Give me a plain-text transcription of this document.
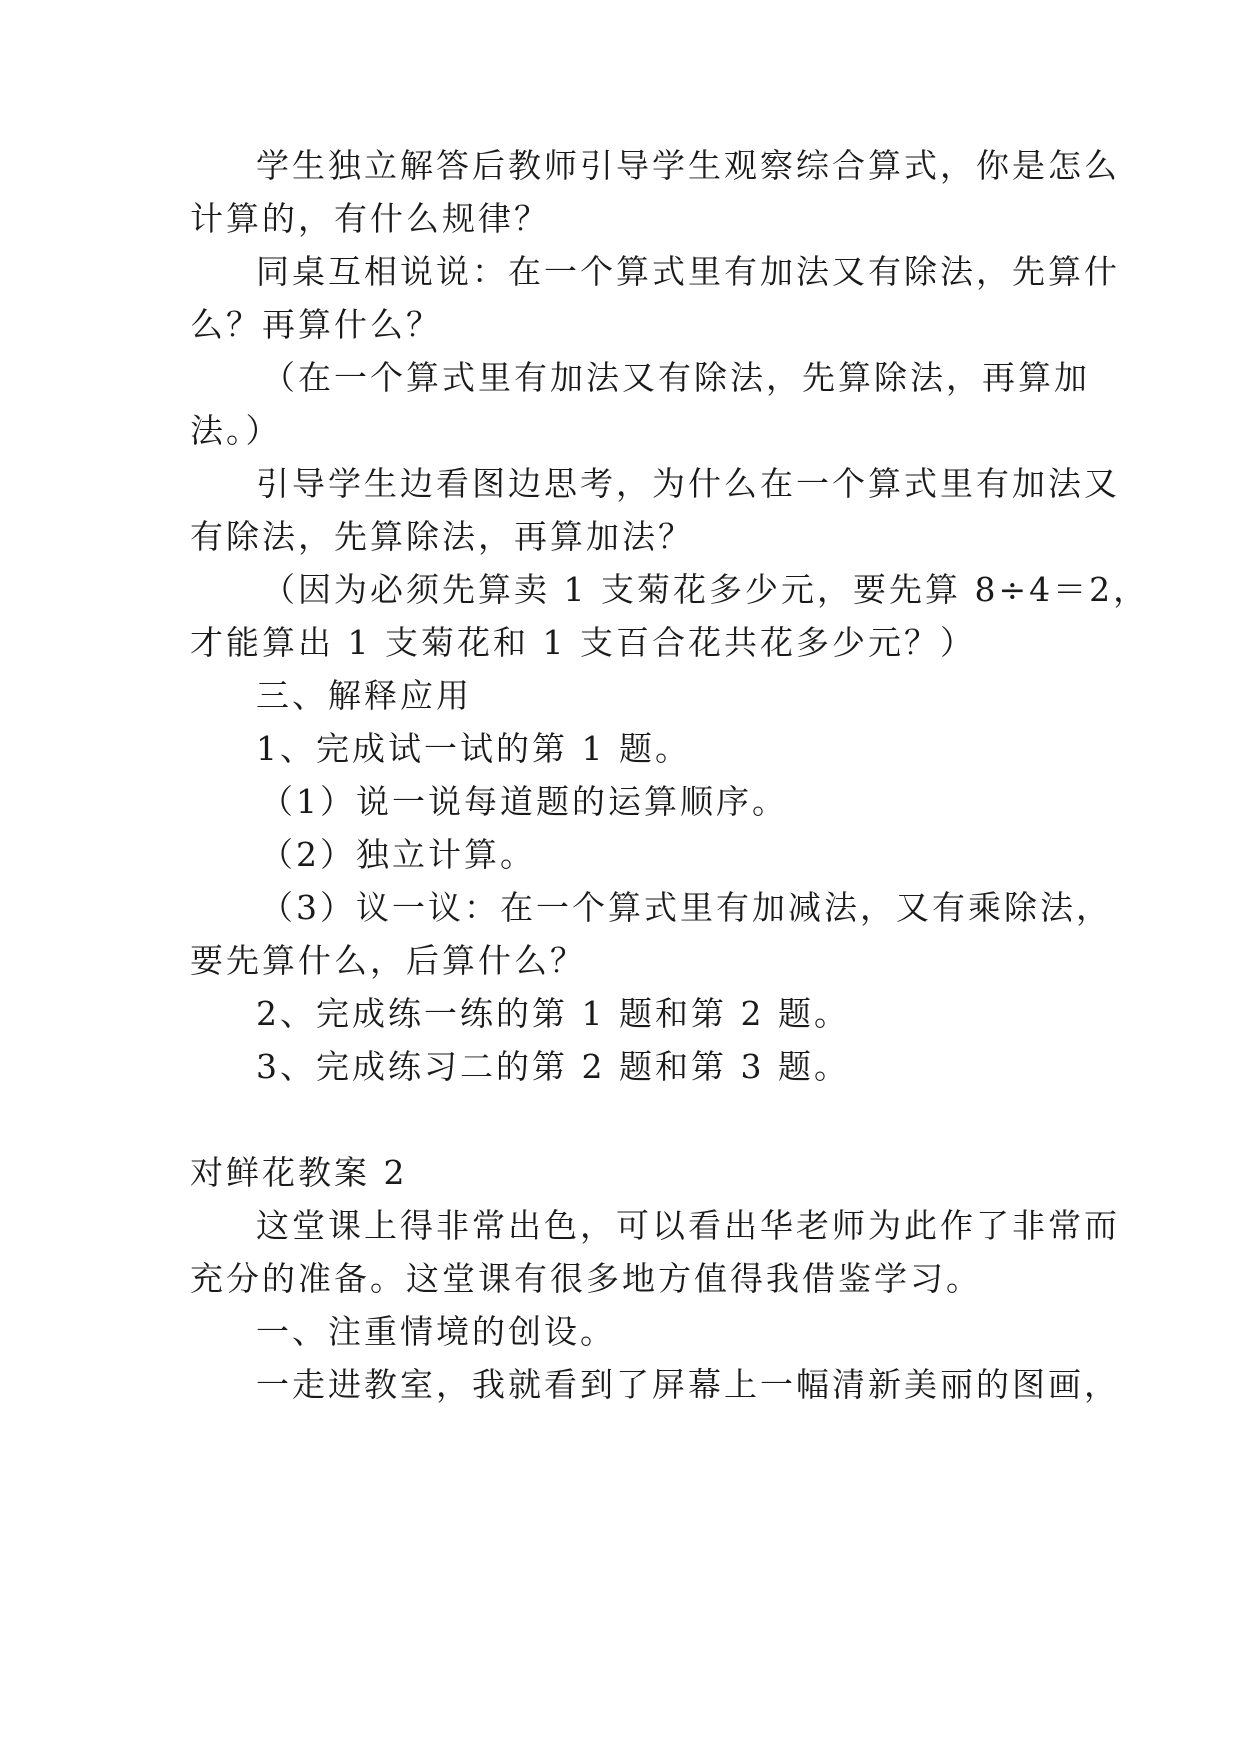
学生独立解答后教师引导学生观察综合算式，你是怎么
计算的，有什么规律？
同桌互相说说：在一个算式里有加法又有除法，先算什
么？再算什么？
（在一个算式里有加法又有除法，先算除法，再算加
法。）
引导学生边看图边思考，为什么在一个算式里有加法又
有除法，先算除法，再算加法？
（因为必须先算卖 1 支菊花多少元，要先算 8÷4＝2，
才能算出 1 支菊花和 1 支百合花共花多少元？）
三、解释应用
1、完成试一试的第 1 题。
（1）说一说每道题的运算顺序。
（2）独立计算。
（3）议一议：在一个算式里有加减法，又有乘除法，
要先算什么，后算什么？
2、完成练一练的第 1 题和第 2 题。
3、完成练习二的第 2 题和第 3 题。
对鲜花教案 2
这堂课上得非常出色，可以看出华老师为此作了非常而
充分的准备。这堂课有很多地方值得我借鉴学习。
一、注重情境的创设。
一走进教室，我就看到了屏幕上一幅清新美丽的图画，
